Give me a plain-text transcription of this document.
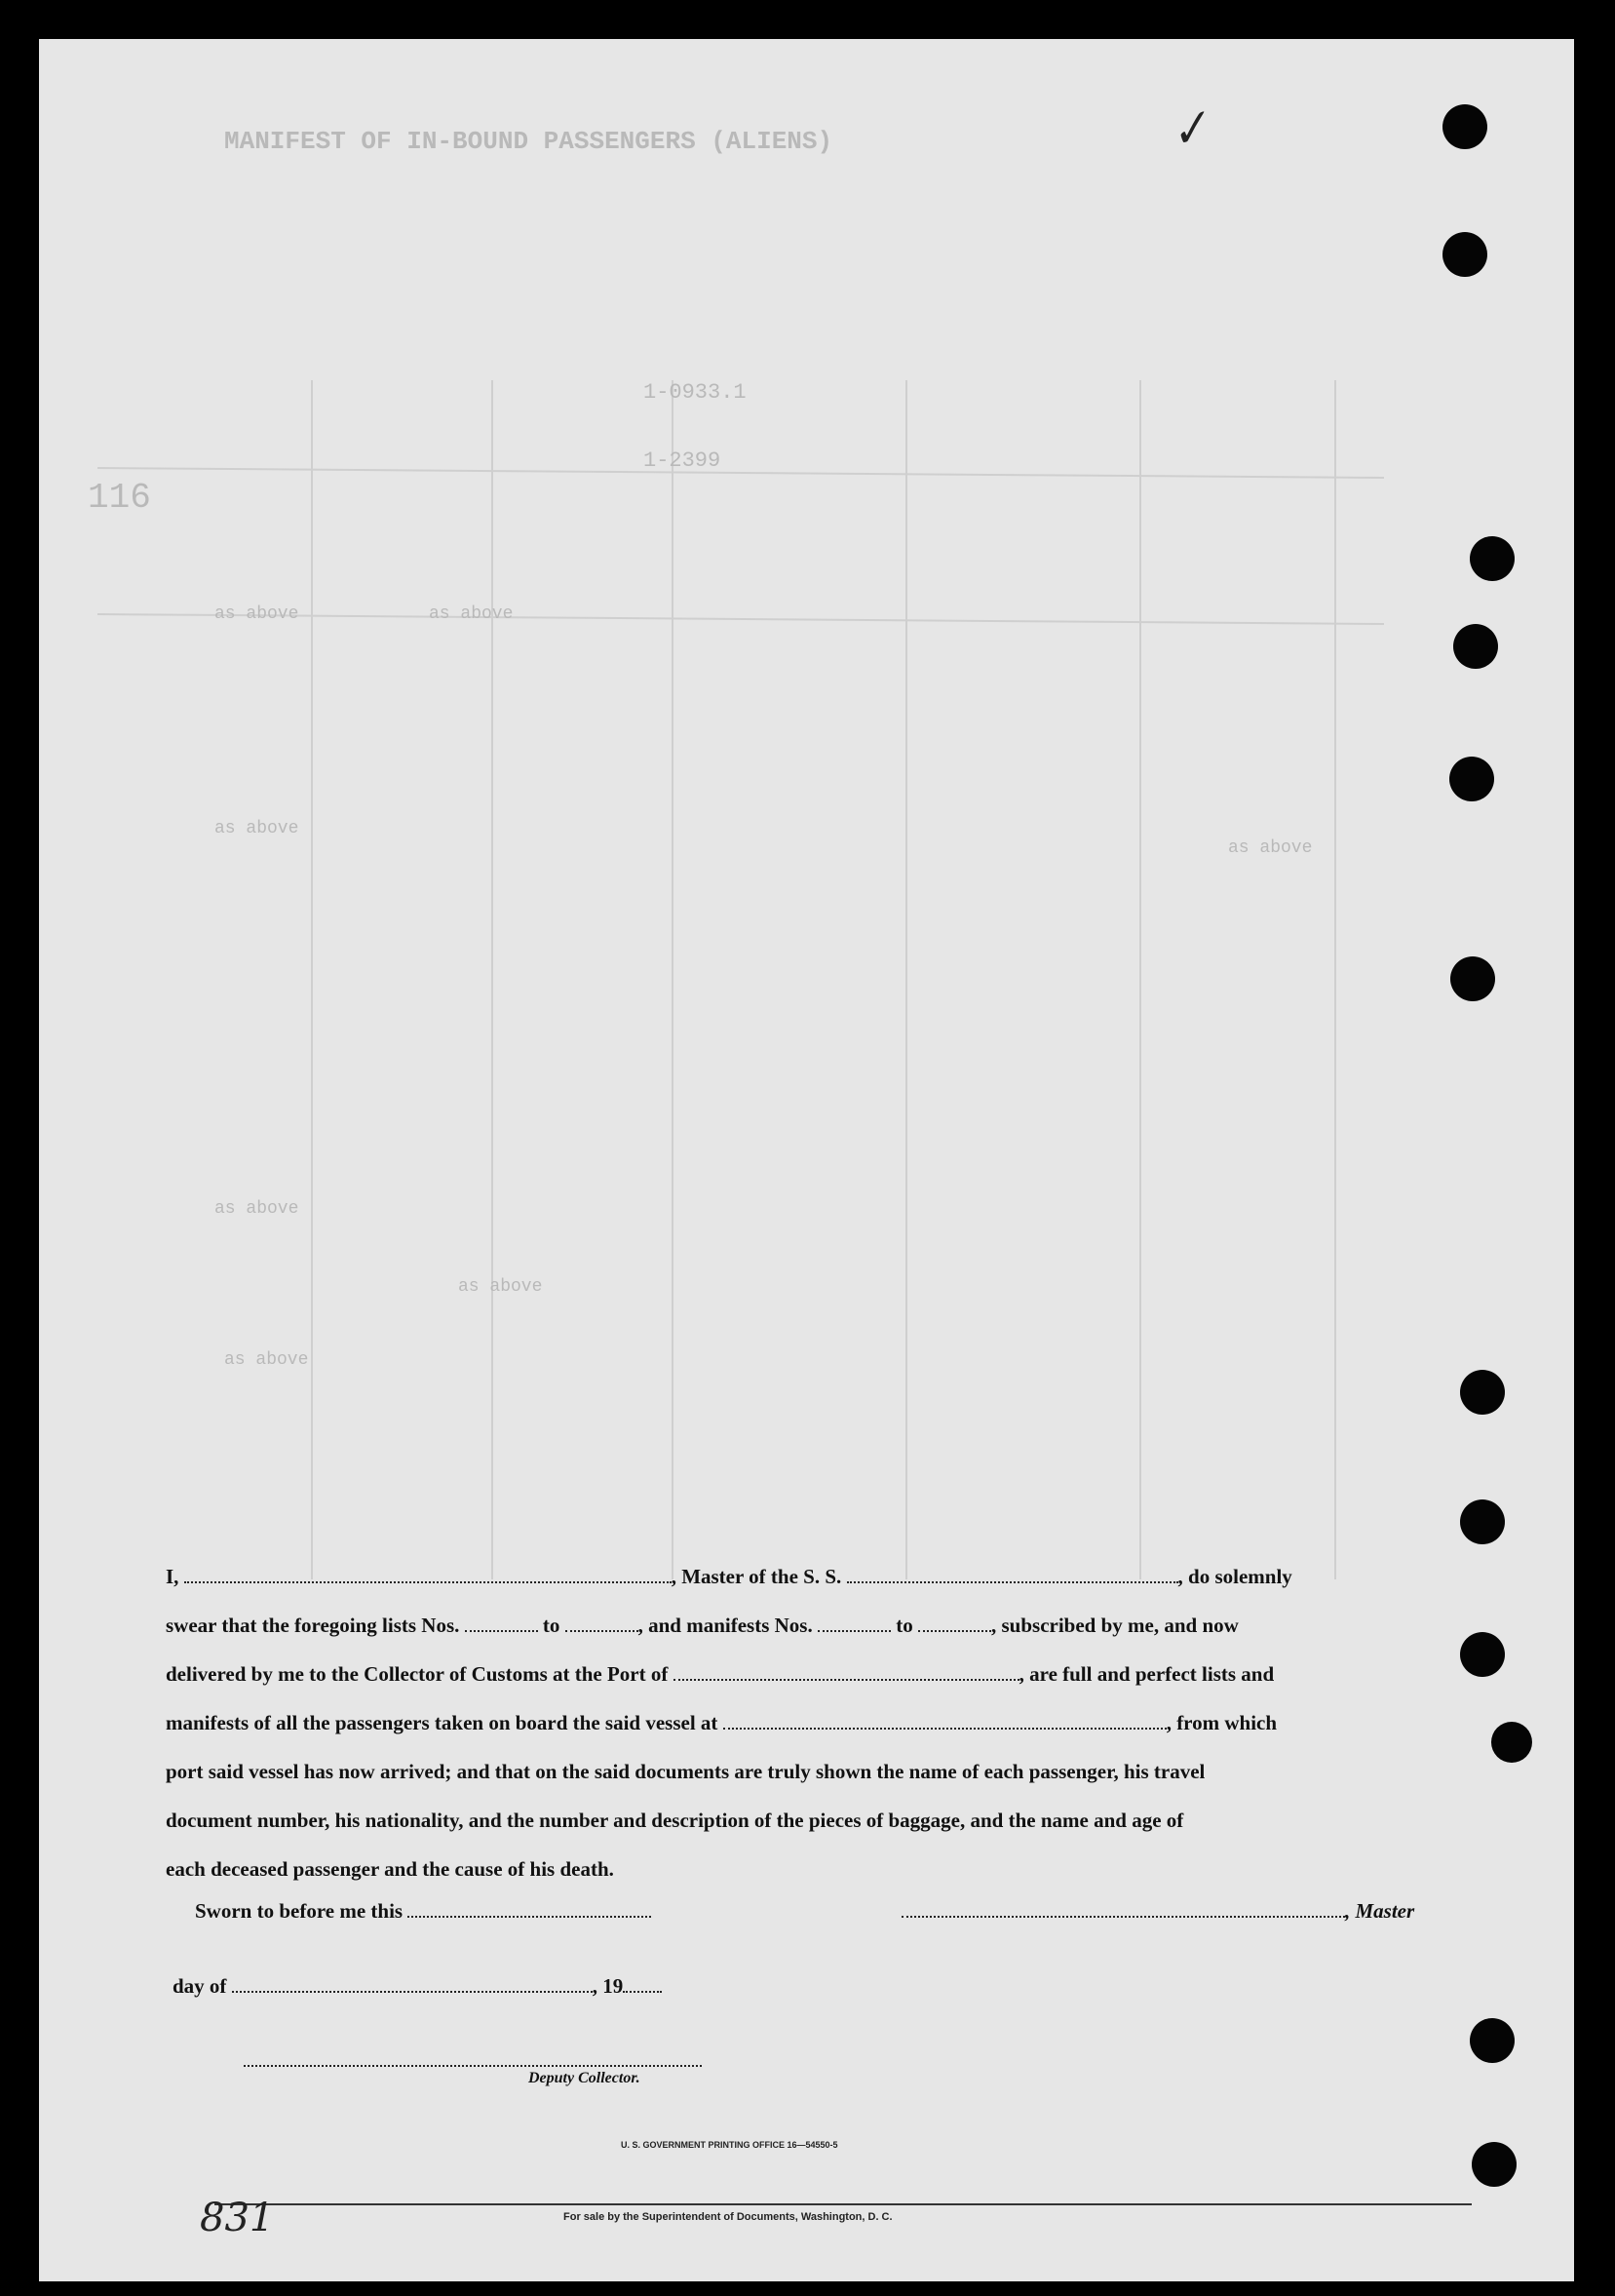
MANIFEST OF IN-BOUND PASSENGERS (ALIENS)
116
1-0933.1
1-2399
as above	as above
as above
as above
as above
as above
as above
✓
I,	, Master of the S. S.	, do solemnly
swear that the foregoing lists Nos.	to	, and manifests Nos.	to	, subscribed by me, and now
delivered by me to the Collector of Customs at the Port of	, are full and perfect lists and
manifests of all the passengers taken on board the said vessel at	, from which
port said vessel has now arrived; and that on the said documents are truly shown the name of each passenger, his travel
document number, his nationality, and the number and description of the pieces of baggage, and the name and age of
each deceased passenger and the cause of his death.
Sworn to before me this	, Master
day of	, 19
Deputy Collector.
U. S. GOVERNMENT PRINTING OFFICE 16—54550-5
For sale by the Superintendent of Documents, Washington, D. C.
831
